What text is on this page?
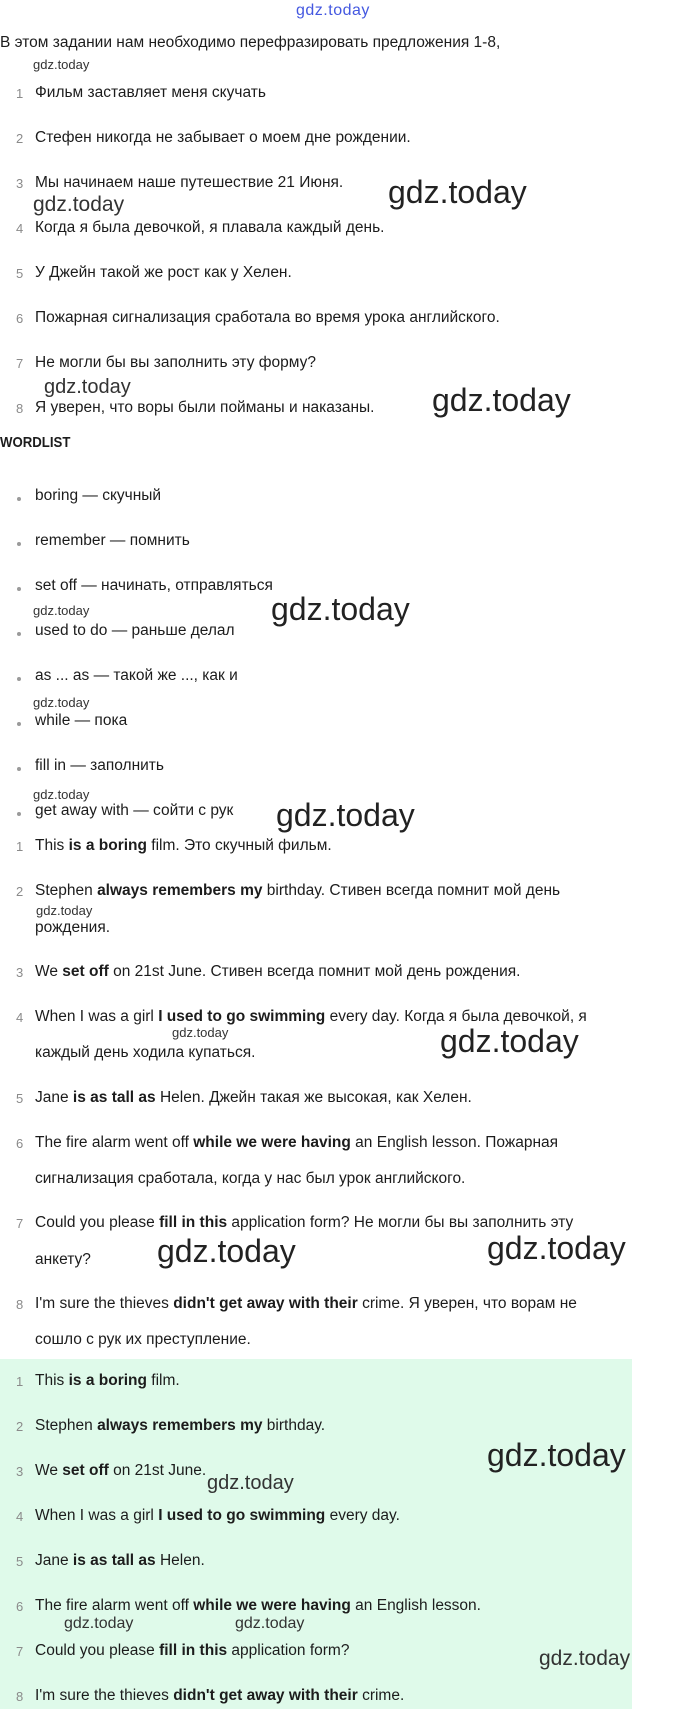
gdz.today
В этом задании нам необходимо перефразировать предложения 1-8,
1 Фильм заставляет меня скучать
2 Стефен никогда не забывает о моем дне рождении.
3 Мы начинаем наше путешествие 21 Июня.
4 Когда я была девочкой, я плавала каждый день.
5 У Джейн такой же рост как у Хелен.
6 Пожарная сигнализация сработала во время урока английского.
7 Не могли бы вы заполнить эту форму?
8 Я уверен, что воры были пойманы и наказаны.
WORDLIST
boring — скучный
remember — помнить
set off — начинать, отправляться
used to do — раньше делал
as ... as — такой же ..., как и
while — пока
fill in — заполнить
get away with — сойти с рук
1 This is a boring film. Это скучный фильм.
2 Stephen always remembers my birthday. Стивен всегда помнит мой день
рождения.
3 We set off on 21st June. Стивен всегда помнит мой день рождения.
4 When I was a girl I used to go swimming every day. Когда я была девочкой, я
каждый день ходила купаться.
5 Jane is as tall as Helen. Джейн такая же высокая, как Хелен.
6 The fire alarm went off while we were having an English lesson. Пожарная
сигнализация сработала, когда у нас был урок английского.
7 Could you please fill in this application form? Не могли бы вы заполнить эту
анкету?
8 I'm sure the thieves didn't get away with their crime. Я уверен, что ворам не
сошло с рук их преступление.
1 This is a boring film.
2 Stephen always remembers my birthday.
3 We set off on 21st June.
4 When I was a girl I used to go swimming every day.
5 Jane is as tall as Helen.
6 The fire alarm went off while we were having an English lesson.
7 Could you please fill in this application form?
8 I'm sure the thieves didn't get away with their crime.
gdz.today
gdz.today
gdz.today
gdz.today	gdz.today
gdz.today	gdz.today
gdz.today
gdz.today
gdz.today
gdz.today
gdz.today	gdz.today
gdz.today	gdz.today
gdz.today
gdz.today
gdz.today	gdz.today
gdz.today
